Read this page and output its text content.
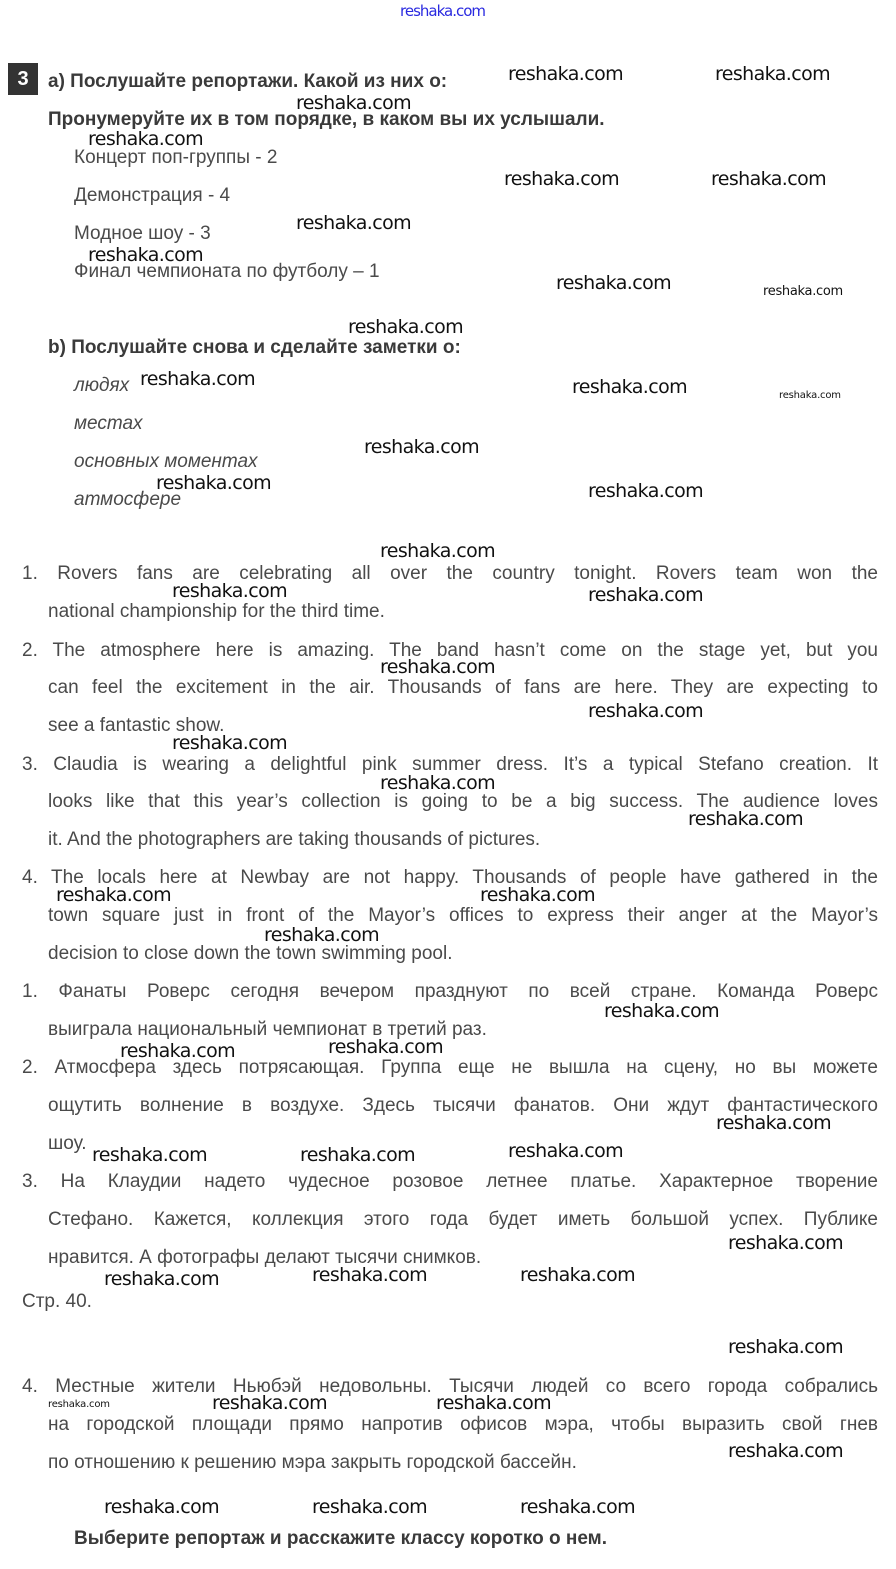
reshaka.com
3	а) Послушайте репортажи. Какой из них о:
Пронумеруйте их в том порядке, в каком вы их услышали.
Концерт поп-группы - 2
Демонстрация - 4
Модное шоу - 3
Финал чемпионата по футболу – 1
b) Послушайте снова и сделайте заметки о:
людях
местах
основных моментах
атмосфере
1. Rovers fans are celebrating all over the country tonight. Rovers team won the
national championship for the third time.
2. The atmosphere here is amazing. The band hasn’t come on the stage yet, but you
can feel the excitement in the air. Thousands of fans are here. They are expecting to
see a fantastic show.
3. Claudia is wearing a delightful pink summer dress. It’s a typical Stefano creation. It
looks like that this year’s collection is going to be a big success. The audience loves
it. And the photographers are taking thousands of pictures.
4. The locals here at Newbay are not happy. Thousands of people have gathered in the
town square just in front of the Mayor’s offices to express their anger at the Mayor’s
decision to close down the town swimming pool.
1. Фанаты Роверс сегодня вечером празднуют по всей стране. Команда Роверс
выиграла национальный чемпионат в третий раз.
2. Атмосфера здесь потрясающая. Группа еще не вышла на сцену, но вы можете
ощутить волнение в воздухе. Здесь тысячи фанатов. Они ждут фантастического
шоу.
3. На Клаудии надето чудесное розовое летнее платье. Характерное творение
Стефано. Кажется, коллекция этого года будет иметь большой успех. Публике
нравится. А фотографы делают тысячи снимков.
4. Местные жители Ньюбэй недовольны. Тысячи людей со всего города собрались
на городской площади прямо напротив офисов мэра, чтобы выразить свой гнев
по отношению к решению мэра закрыть городской бассейн.
Стр. 40.
Выберите репортаж и расскажите классу коротко о нем.
reshaka.com	reshaka.com
reshaka.com
reshaka.com
reshaka.com	reshaka.com
reshaka.com
reshaka.com
reshaka.com	reshaka.com
reshaka.com
reshaka.com	reshaka.com	reshaka.com
reshaka.com
reshaka.com	reshaka.com
reshaka.com
reshaka.com	reshaka.com
reshaka.com
reshaka.com
reshaka.com
reshaka.com
reshaka.com
reshaka.com	reshaka.com
reshaka.com
reshaka.com
reshaka.com	reshaka.com
reshaka.com
reshaka.com	reshaka.com	reshaka.com
reshaka.com
reshaka.com	reshaka.com	reshaka.com
reshaka.com
reshaka.com	reshaka.com	reshaka.com
reshaka.com
reshaka.com	reshaka.com	reshaka.com
